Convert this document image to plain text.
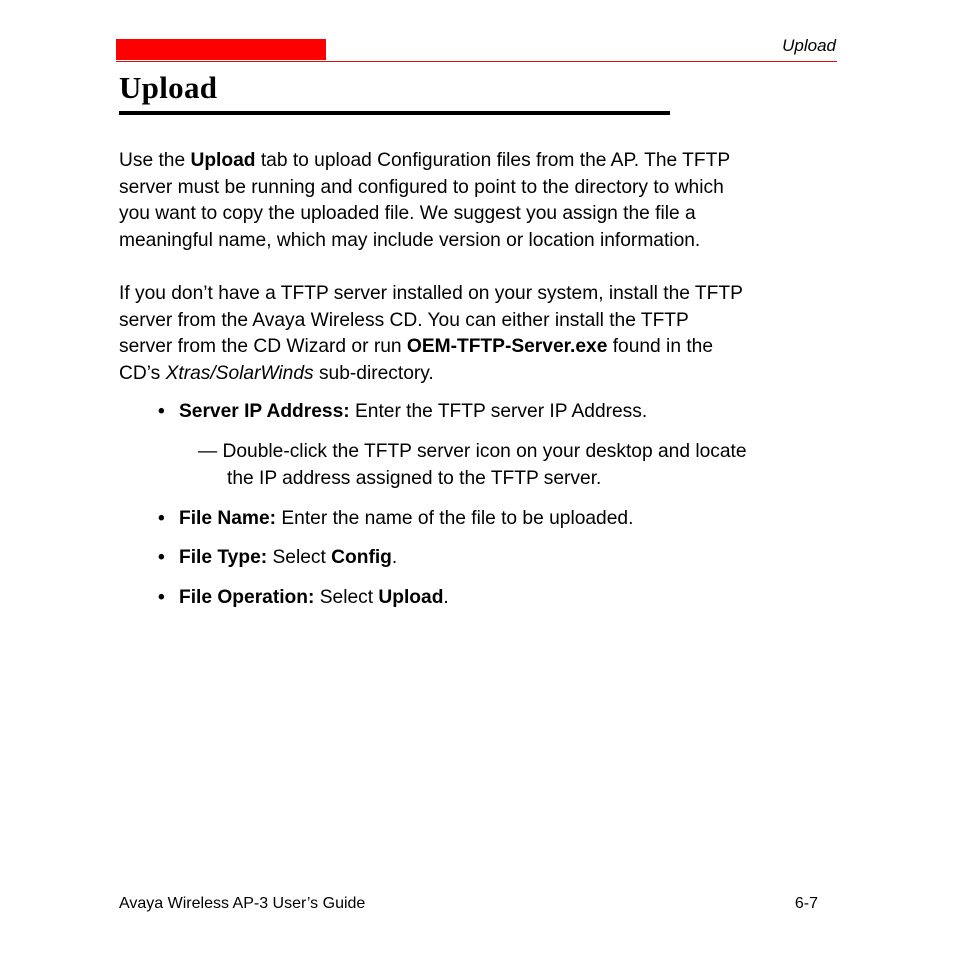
Upload
Upload

Use the Upload tab to upload Configuration files from the AP. The TFTP
server must be running and configured to point to the directory to which
you want to copy the uploaded file. We suggest you assign the file a
meaningful name, which may include version or location information.

If you don’t have a TFTP server installed on your system, install the TFTP
server from the Avaya Wireless CD. You can either install the TFTP
server from the CD Wizard or run OEM-TFTP-Server.exe found in the
CD’s Xtras/SolarWinds sub-directory.

• Server IP Address: Enter the TFTP server IP Address.

— Double-click the TFTP server icon on your desktop and locate
the IP address assigned to the TFTP server.

• File Name: Enter the name of the file to be uploaded.

• File Type: Select Config.

• File Operation: Select Upload.

Avaya Wireless AP-3 User’s Guide	6-7
